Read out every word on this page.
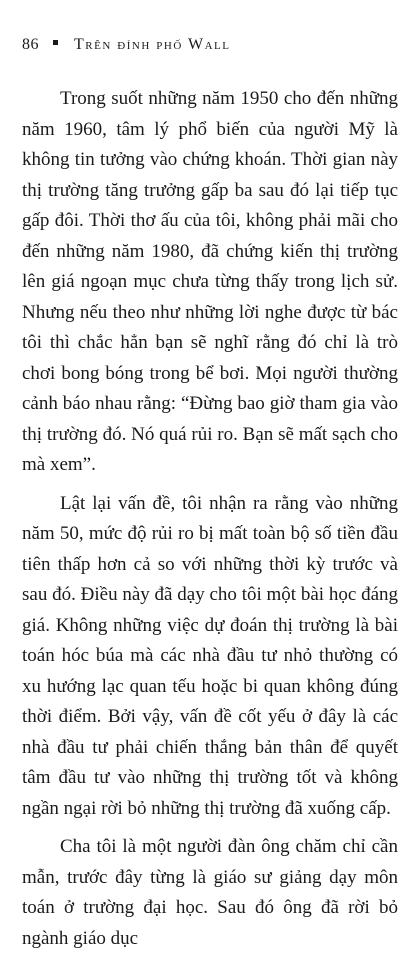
86 Trên đỉnh phố Wall

Trong suốt những năm 1950 cho đến những năm 1960, tâm lý phổ biến của người Mỹ là không tin tưởng vào chứng khoán. Thời gian này thị trường tăng trưởng gấp ba sau đó lại tiếp tục gấp đôi. Thời thơ ấu của tôi, không phải mãi cho đến những năm 1980, đã chứng kiến thị trường lên giá ngoạn mục chưa từng thấy trong lịch sử. Nhưng nếu theo như những lời nghe được từ bác tôi thì chắc hẳn bạn sẽ nghĩ rằng đó chỉ là trò chơi bong bóng trong bể bơi. Mọi người thường cảnh báo nhau rằng: “Đừng bao giờ tham gia vào thị trường đó. Nó quá rủi ro. Bạn sẽ mất sạch cho mà xem”.

Lật lại vấn đề, tôi nhận ra rằng vào những năm 50, mức độ rủi ro bị mất toàn bộ số tiền đầu tiên thấp hơn cả so với những thời kỳ trước và sau đó. Điều này đã dạy cho tôi một bài học đáng giá. Không những việc dự đoán thị trường là bài toán hóc búa mà các nhà đầu tư nhỏ thường có xu hướng lạc quan tếu hoặc bi quan không đúng thời điểm. Bởi vậy, vấn đề cốt yếu ở đây là các nhà đầu tư phải chiến thắng bản thân để quyết tâm đầu tư vào những thị trường tốt và không ngần ngại rời bỏ những thị trường đã xuống cấp.

Cha tôi là một người đàn ông chăm chỉ cần mẫn, trước đây từng là giáo sư giảng dạy môn toán ở trường đại học. Sau đó ông đã rời bỏ ngành giáo dục
